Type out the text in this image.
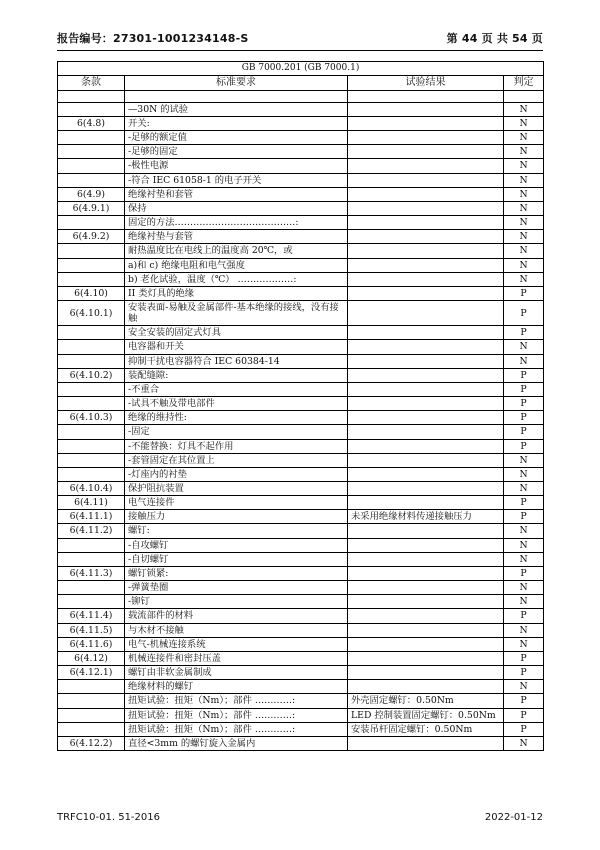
报告编号：27301-1001234148-S	第 44 页 共 54 页
GB 7000.201 (GB 7000.1)			
条款	标准要求	试验结果	判定

	—30N 的试验		N
6(4.8)	开关:		N
	-足够的额定值		N
	-足够的固定		N
	-极性电源		N
	-符合 IEC 61058-1 的电子开关		N
6(4.9)	绝缘衬垫和套管		N
6(4.9.1)	保持		N
	固定的方法…………………………………:		N
6(4.9.2)	绝缘衬垫与套管		N
	耐热温度比在电线上的温度高 20℃，或		N
	a)和 c) 绝缘电阻和电气强度		N
	b) 老化试验，温度（℃） ………………:		N
6(4.10)	II 类灯具的绝缘		P
6(4.10.1)	安装表面-易触及金属部件-基本绝缘的接线，没有接触		P
	安全安装的固定式灯具		P
	电容器和开关		N
	抑制干扰电容器符合 IEC 60384-14		N
6(4.10.2)	装配缝隙:		P
	-不重合		P
	-试具不触及带电部件		P
6(4.10.3)	绝缘的维持性:		P
	-固定		P
	-不能替换：灯具不起作用		P
	-套管固定在其位置上		N
	-灯座内的衬垫		N
6(4.10.4)	保护阻抗装置		N
6(4.11)	电气连接件		P
6(4.11.1)	接触压力	未采用绝缘材料传递接触压力	P
6(4.11.2)	螺钉:		N
	-自攻螺钉		N
	-自切螺钉		N
6(4.11.3)	螺钉锁紧:		P
	-弹簧垫圈		N
	-铆钉		N
6(4.11.4)	载流部件的材料		P
6(4.11.5)	与木材不接触		N
6(4.11.6)	电气-机械连接系统		N
6(4.12)	机械连接件和密封压盖		P
6(4.12.1)	螺钉由非软金属制成		P
	绝缘材料的螺钉		N
	扭矩试验：扭矩（Nm）；部件 …………:	外壳固定螺钉：0.50Nm	P
	扭矩试验：扭矩（Nm）；部件 …………:	LED 控制装置固定螺钉：0.50Nm	P
	扭矩试验：扭矩（Nm）；部件 …………:	安装吊杆固定螺钉：0.50Nm	P
6(4.12.2)	直径<3mm 的螺钉旋入金属内		N
TRFC10-01. 51-2016	2022-01-12
